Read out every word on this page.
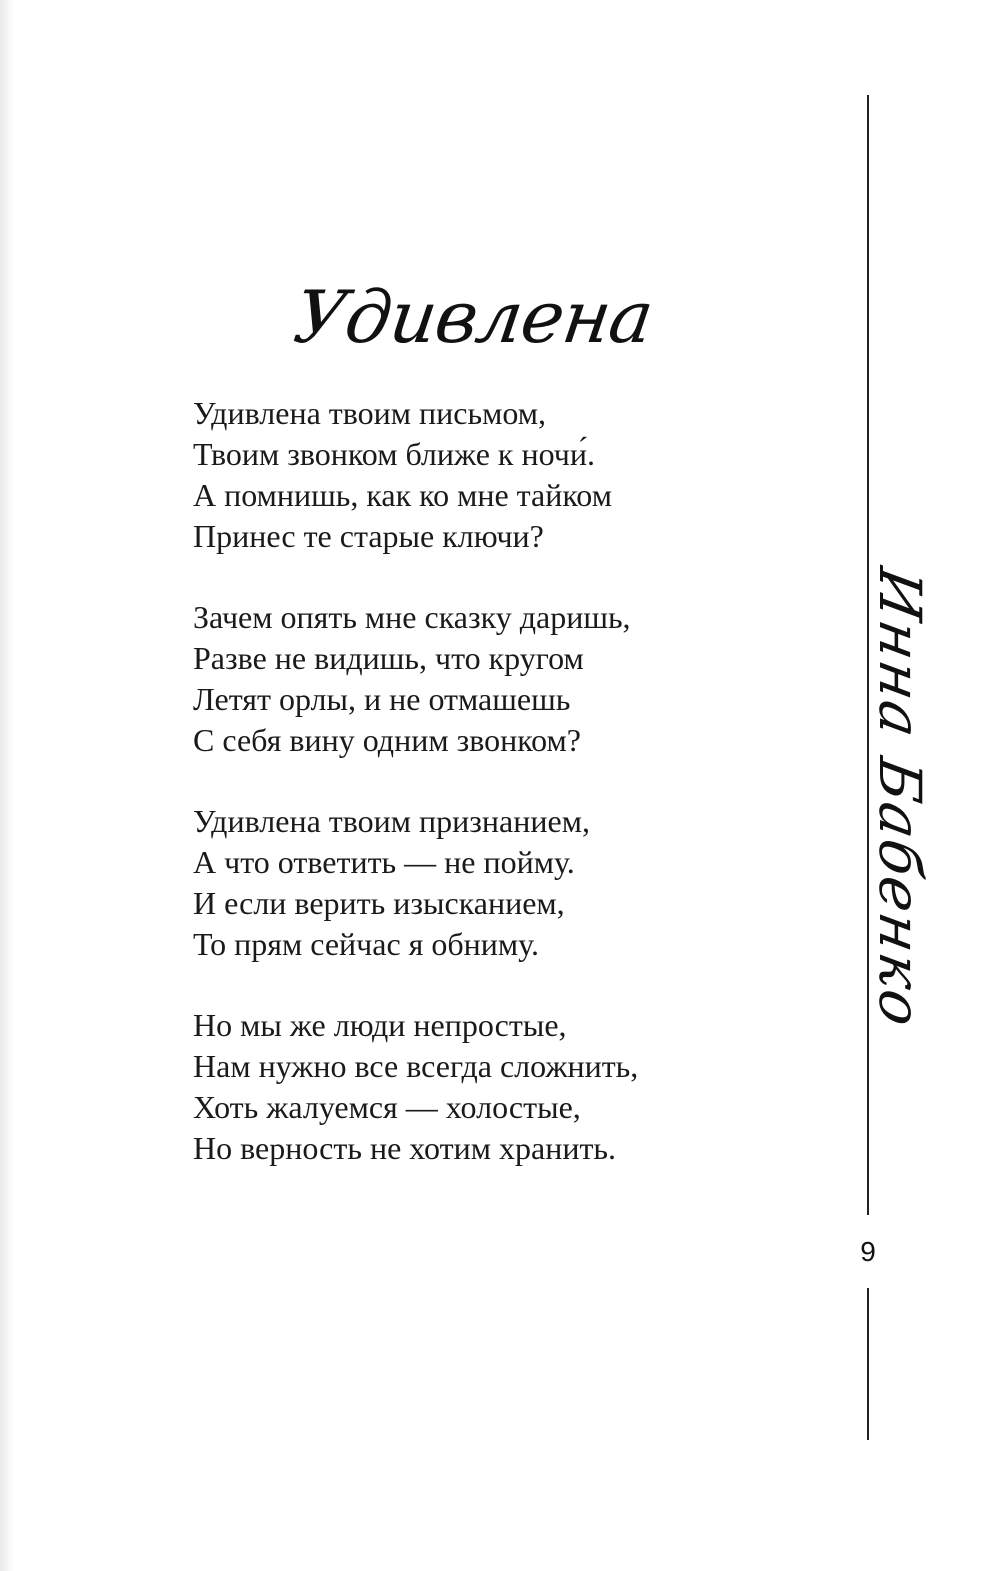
Удивлена
Удивлена твоим письмом,
Твоим звонком ближе к ночи́.
А помнишь, как ко мне тайком
Принес те старые ключи?
Зачем опять мне сказку даришь,
Разве не видишь, что кругом
Летят орлы, и не отмашешь
С себя вину одним звонком?
Удивлена твоим признанием,
А что ответить — не пойму.
И если верить изысканием,
То прям сейчас я обниму.
Но мы же люди непростые,
Нам нужно все всегда сложнить,
Хоть жалуемся — холостые,
Но верность не хотим хранить.
Инна Бабенко
9
